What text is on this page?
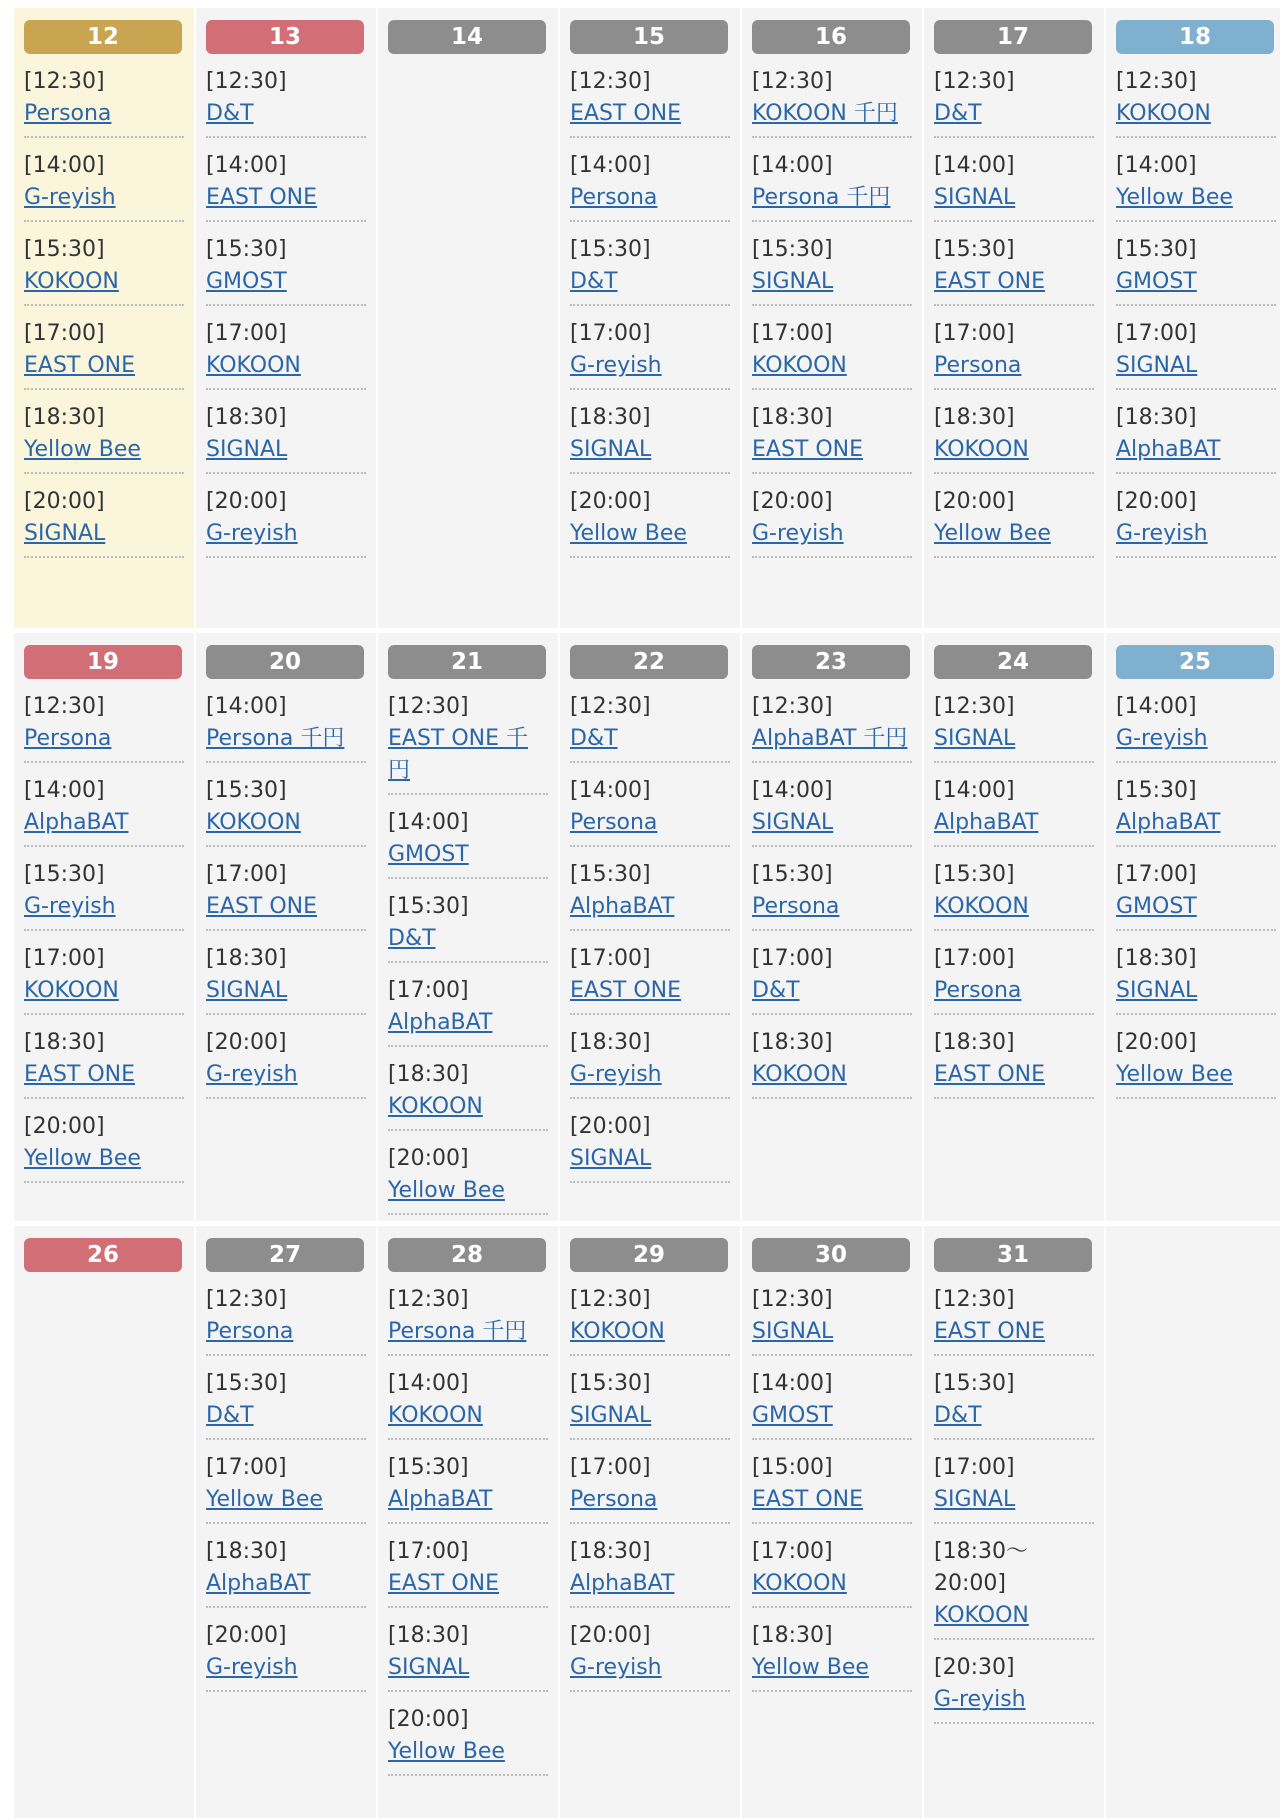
12
[12:30]
Persona
[14:00]
G-reyish
[15:30]
KOKOON
[17:00]
EAST ONE
[18:30]
Yellow Bee
[20:00]
SIGNAL
13
[12:30]
D&T
[14:00]
EAST ONE
[15:30]
GMOST
[17:00]
KOKOON
[18:30]
SIGNAL
[20:00]
G-reyish
14	15
[12:30]
EAST ONE
[14:00]
Persona
[15:30]
D&T
[17:00]
G-reyish
[18:30]
SIGNAL
[20:00]
Yellow Bee
16
[12:30]
KOKOON 千円
[14:00]
Persona 千円
[15:30]
SIGNAL
[17:00]
KOKOON
[18:30]
EAST ONE
[20:00]
G-reyish
17
[12:30]
D&T
[14:00]
SIGNAL
[15:30]
EAST ONE
[17:00]
Persona
[18:30]
KOKOON
[20:00]
Yellow Bee
18
[12:30]
KOKOON
[14:00]
Yellow Bee
[15:30]
GMOST
[17:00]
SIGNAL
[18:30]
AlphaBAT
[20:00]
G-reyish
19
[12:30]
Persona
[14:00]
AlphaBAT
[15:30]
G-reyish
[17:00]
KOKOON
[18:30]
EAST ONE
[20:00]
Yellow Bee
20
[14:00]
Persona 千円
[15:30]
KOKOON
[17:00]
EAST ONE
[18:30]
SIGNAL
[20:00]
G-reyish
21
[12:30]
EAST ONE 千円
[14:00]
GMOST
[15:30]
D&T
[17:00]
AlphaBAT
[18:30]
KOKOON
[20:00]
Yellow Bee
22
[12:30]
D&T
[14:00]
Persona
[15:30]
AlphaBAT
[17:00]
EAST ONE
[18:30]
G-reyish
[20:00]
SIGNAL
23
[12:30]
AlphaBAT 千円
[14:00]
SIGNAL
[15:30]
Persona
[17:00]
D&T
[18:30]
KOKOON
24
[12:30]
SIGNAL
[14:00]
AlphaBAT
[15:30]
KOKOON
[17:00]
Persona
[18:30]
EAST ONE
25
[14:00]
G-reyish
[15:30]
AlphaBAT
[17:00]
GMOST
[18:30]
SIGNAL
[20:00]
Yellow Bee
26	27
[12:30]
Persona
[15:30]
D&T
[17:00]
Yellow Bee
[18:30]
AlphaBAT
[20:00]
G-reyish
28
[12:30]
Persona 千円
[14:00]
KOKOON
[15:30]
AlphaBAT
[17:00]
EAST ONE
[18:30]
SIGNAL
[20:00]
Yellow Bee
29
[12:30]
KOKOON
[15:30]
SIGNAL
[17:00]
Persona
[18:30]
AlphaBAT
[20:00]
G-reyish
30
[12:30]
SIGNAL
[14:00]
GMOST
[15:00]
EAST ONE
[17:00]
KOKOON
[18:30]
Yellow Bee
31
[12:30]
EAST ONE
[15:30]
D&T
[17:00]
SIGNAL
[18:30〜20:00]
KOKOON
[20:30]
G-reyish
